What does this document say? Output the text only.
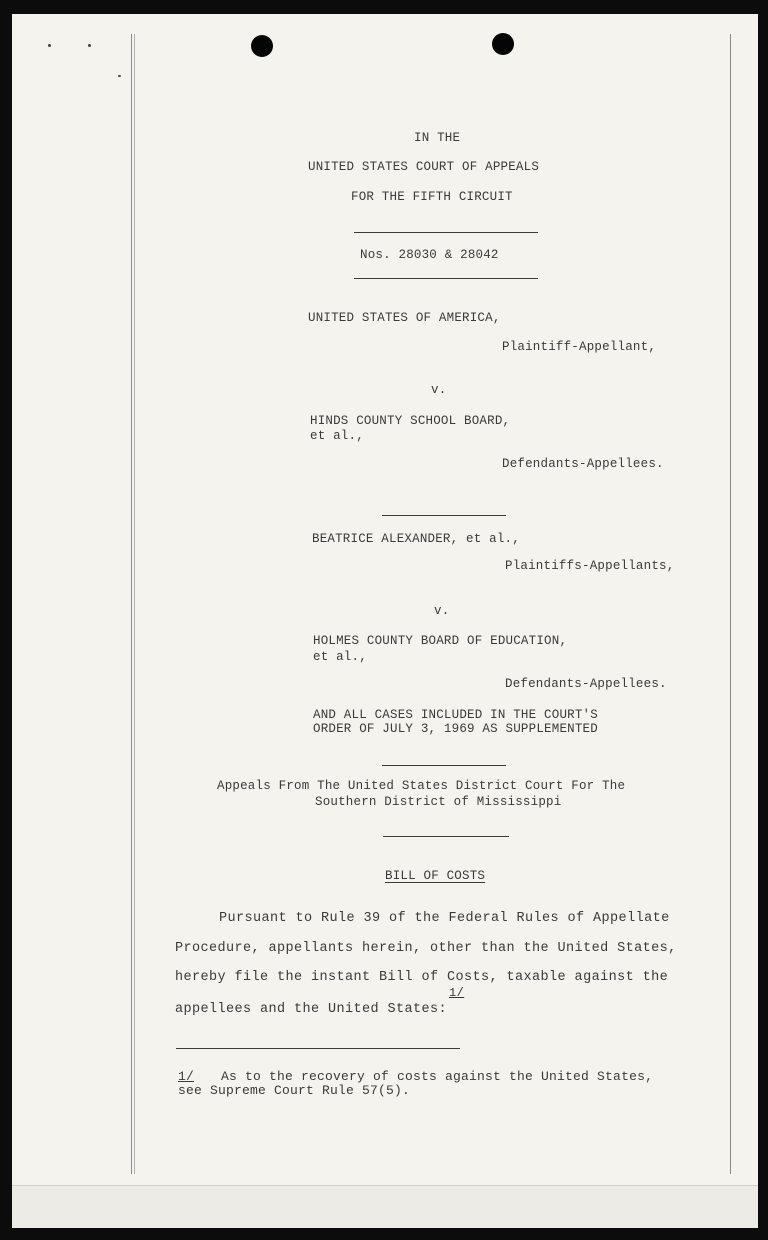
IN THE
UNITED STATES COURT OF APPEALS
FOR THE FIFTH CIRCUIT
Nos. 28030 & 28042
UNITED STATES OF AMERICA,
Plaintiff-Appellant,
v.
HINDS COUNTY SCHOOL BOARD,
et al.,
Defendants-Appellees.
BEATRICE ALEXANDER, et al.,
Plaintiffs-Appellants,
v.
HOLMES COUNTY BOARD OF EDUCATION,
et al.,
Defendants-Appellees.
AND ALL CASES INCLUDED IN THE COURT'S
ORDER OF JULY 3, 1969 AS SUPPLEMENTED
Appeals From The United States District Court For The
Southern District of Mississippi
BILL OF COSTS
Pursuant to Rule 39 of the Federal Rules of Appellate
Procedure, appellants herein, other than the United States,
hereby file the instant Bill of Costs, taxable against the
1/
appellees and the United States:
1/ As to the recovery of costs against the United States,
see Supreme Court Rule 57(5).
